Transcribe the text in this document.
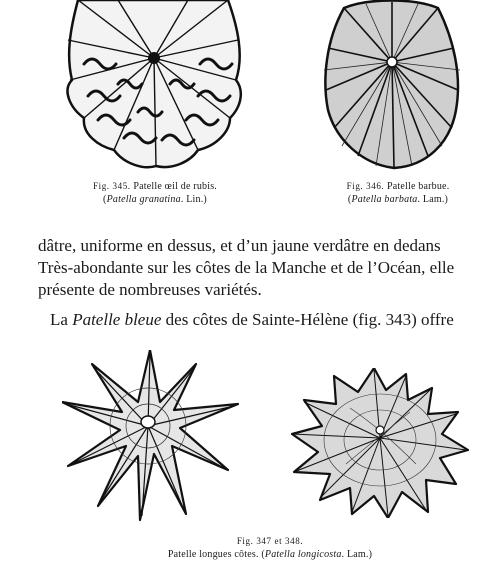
Fig. 345. Patelle œil de rubis.
(Patella granatina. Lin.)
Fig. 346. Patelle barbue.
(Patella barbata. Lam.)

dâtre, uniforme en dessus, et d’un jaune verdâtre en dedans

Très-abondante sur les côtes de la Manche et de l’Océan, elle

présente de nombreuses variétés.

La Patelle bleue des côtes de Sainte-Hélène (fig. 343) offre

Fig. 347 et 348.
Patelle longues côtes. (Patella longicosta. Lam.)
